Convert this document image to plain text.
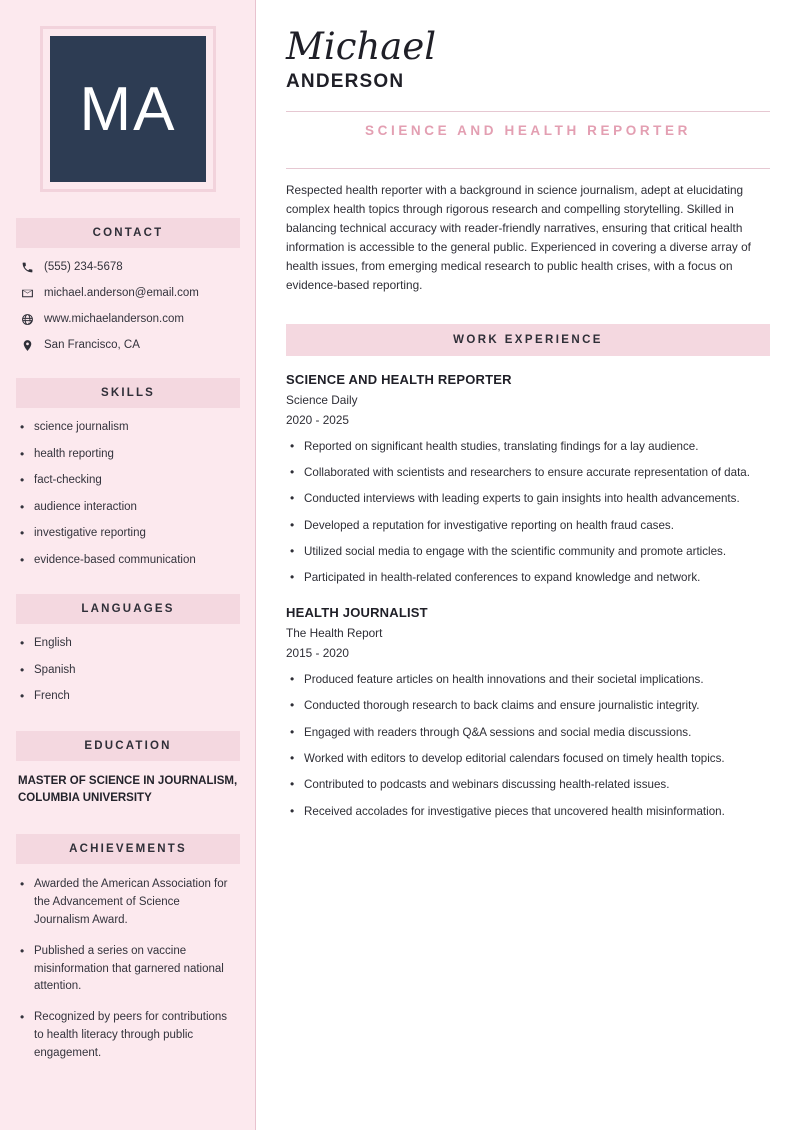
MA
CONTACT
(555) 234-5678
michael.anderson@email.com
www.michaelanderson.com
San Francisco, CA
SKILLS
• science journalism
• health reporting
• fact-checking
• audience interaction
• investigative reporting
• evidence-based communication
LANGUAGES
• English
• Spanish
• French
EDUCATION
MASTER OF SCIENCE IN JOURNALISM, COLUMBIA UNIVERSITY
ACHIEVEMENTS
• Awarded the American Association for the Advancement of Science Journalism Award.
• Published a series on vaccine misinformation that garnered national attention.
• Recognized by peers for contributions to health literacy through public engagement.
Michael
ANDERSON
SCIENCE AND HEALTH REPORTER

Respected health reporter with a background in science journalism, adept at elucidating complex health topics through rigorous research and compelling storytelling. Skilled in balancing technical accuracy with reader-friendly narratives, ensuring that critical health information is accessible to the general public. Experienced in covering a diverse array of health issues, from emerging medical research to public health crises, with a focus on evidence-based reporting.

WORK EXPERIENCE
SCIENCE AND HEALTH REPORTER
Science Daily
2020 - 2025
• Reported on significant health studies, translating findings for a lay audience.
• Collaborated with scientists and researchers to ensure accurate representation of data.
• Conducted interviews with leading experts to gain insights into health advancements.
• Developed a reputation for investigative reporting on health fraud cases.
• Utilized social media to engage with the scientific community and promote articles.
• Participated in health-related conferences to expand knowledge and network.
HEALTH JOURNALIST
The Health Report
2015 - 2020
• Produced feature articles on health innovations and their societal implications.
• Conducted thorough research to back claims and ensure journalistic integrity.
• Engaged with readers through Q&A sessions and social media discussions.
• Worked with editors to develop editorial calendars focused on timely health topics.
• Contributed to podcasts and webinars discussing health-related issues.
• Received accolades for investigative pieces that uncovered health misinformation.
